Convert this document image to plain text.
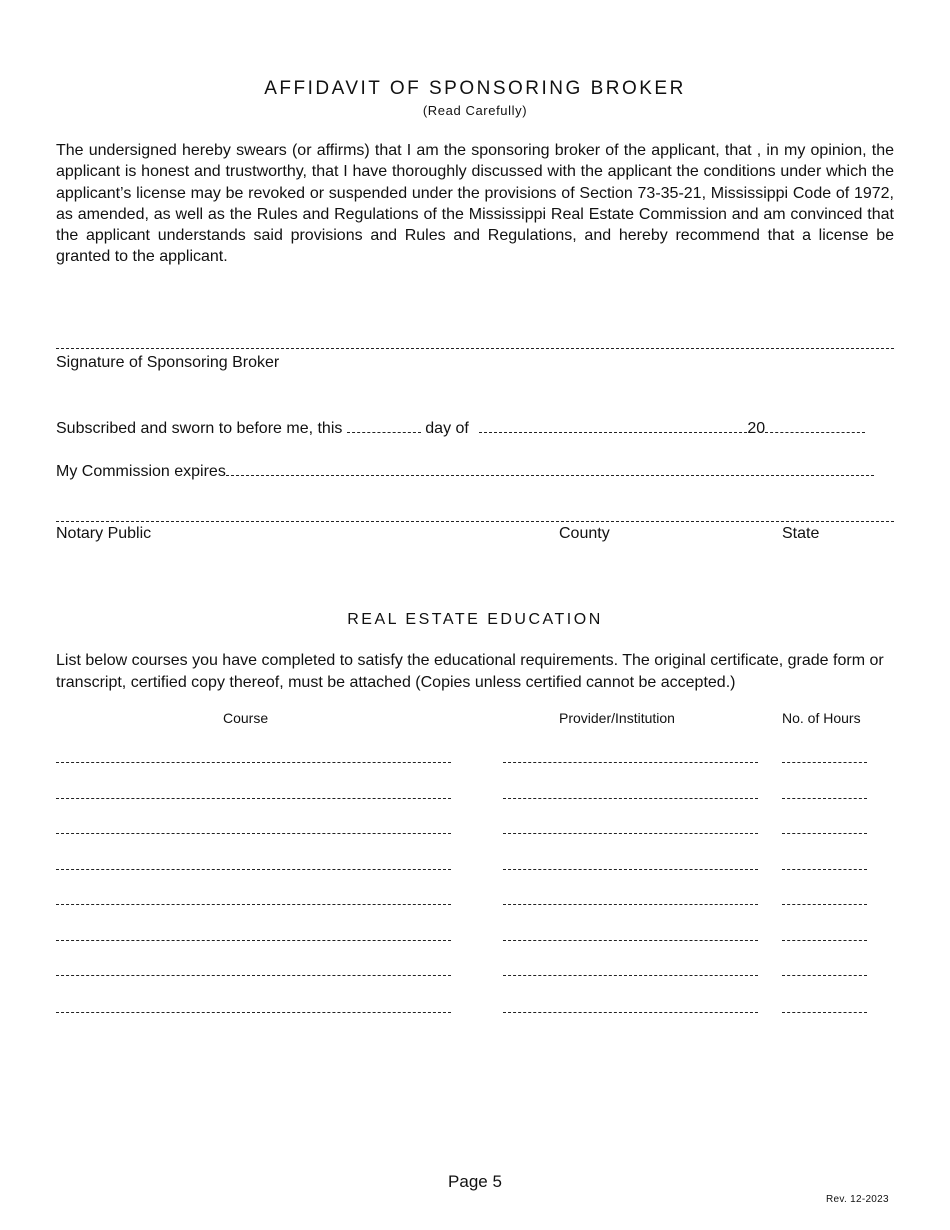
AFFIDAVIT OF SPONSORING BROKER
(Read Carefully)
The undersigned hereby swears (or affirms) that I am the sponsoring broker of the applicant, that , in my opinion, the applicant is honest and trustworthy, that I have thoroughly discussed with the applicant the conditions under which the applicant’s license may be revoked or suspended under the provisions of Section 73-35-21, Mississippi Code of 1972, as amended, as well as the Rules and Regulations of the Mississippi Real Estate Commission and am convinced that the applicant understands said provisions and Rules and Regulations, and hereby recommend that a license be granted to the applicant.
Signature of Sponsoring Broker
Subscribed and sworn to before me, this	day of	20
My Commission expires
Notary Public	County	State
REAL ESTATE EDUCATION
List below courses you have completed to satisfy the educational requirements. The original certificate, grade form or transcript, certified copy thereof, must be attached (Copies unless certified cannot be accepted.)
Course	Provider/Institution	No. of Hours
Page 5
Rev. 12-2023
